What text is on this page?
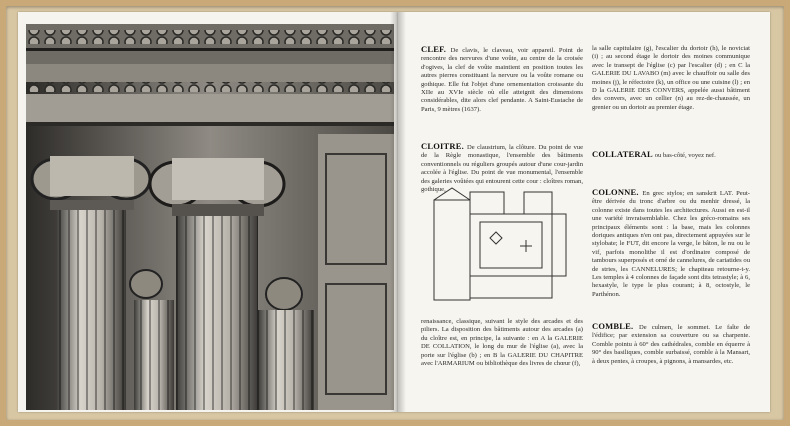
CLEF. De clavis, le claveau, voir appareil. Point de rencontre des nervures d'une voûte, au centre de la croisée d'ogives, la clef de voûte maintient en position toutes les autres pierres constituant la nervure ou la voûte romane ou gothique. Elle fut l'objet d'une ornementation croissante du XIIe au XVIe siècle où elle atteignit des dimensions considérables, dite alors clef pendante. A Saint-Eustache de Paris, 9 mètres (1637).
CLOITRE. De claustrium, la clôture. Du point de vue de la Règle monastique, l'ensemble des bâtiments conventionnels ou réguliers groupés autour d'une cour-jardin accolée à l'église. Du point de vue monumental, l'ensemble des galeries voûtées qui entourent cette cour : cloîtres roman, gothique,
renaissance, classique, suivant le style des arcades et des piliers. La disposition des bâtiments autour des arcades (a) du cloître est, en principe, la suivante : en A la GALERIE DE COLLATION, le long du mur de l'église (a), avec la porte sur l'église (b) ; en B la GALERIE DU CHAPITRE avec l'ARMARIUM ou bibliothèque des livres de chœur (f),
la salle capitulaire (g), l'escalier du dortoir (h), le noviciat (i) ; au second étage le dortoir des moines communique avec le transept de l'église (c) par l'escalier (d) ; en C la GALERIE DU LAVABO (m) avec le chauffoir ou salle des moines (j), le réfectoire (k), un office ou une cuisine (l) ; en D la GALERIE DES CONVERS, appelée aussi bâtiment des convers, avec un cellier (n) au rez-de-chaussée, un grenier ou un dortoir au premier étage.
COLLATERAL ou bas-côté, voyez nef.
COLONNE. En grec stylos; en sanskrit LAT. Peut-être dérivée du tronc d'arbre ou du menhir dressé, la colonne existe dans toutes les architectures. Aussi en est-il une variété invraisemblable. Chez les gréco-romains ses principaux éléments sont : la base, mais les colonnes doriques antiques n'en ont pas, directement appuyées sur le stylobate; le FUT, dit encore la verge, le bâton, le nu ou le vif, parfois monolithe il est d'ordinaire composé de tambours superposés et orné de cannelures, de cariatides ou de stries, les CANNELURES; le chapiteau retourne-t-y. Les temples à 4 colonnes de façade sont dits tetrastyle; à 6, hexastyle, le type le plus courant; à 8, octostyle, le Parthénon.
COMBLE. De culmen, le sommet. Le faîte de l'édifice; par extension sa couverture ou sa charpente. Comble pointu à 60° des cathédrales, comble en équerre à 90° des basiliques, comble surbaissé, comble à la Mansart, à deux pentes, à croupes, à pignons, à mansardes, etc.
